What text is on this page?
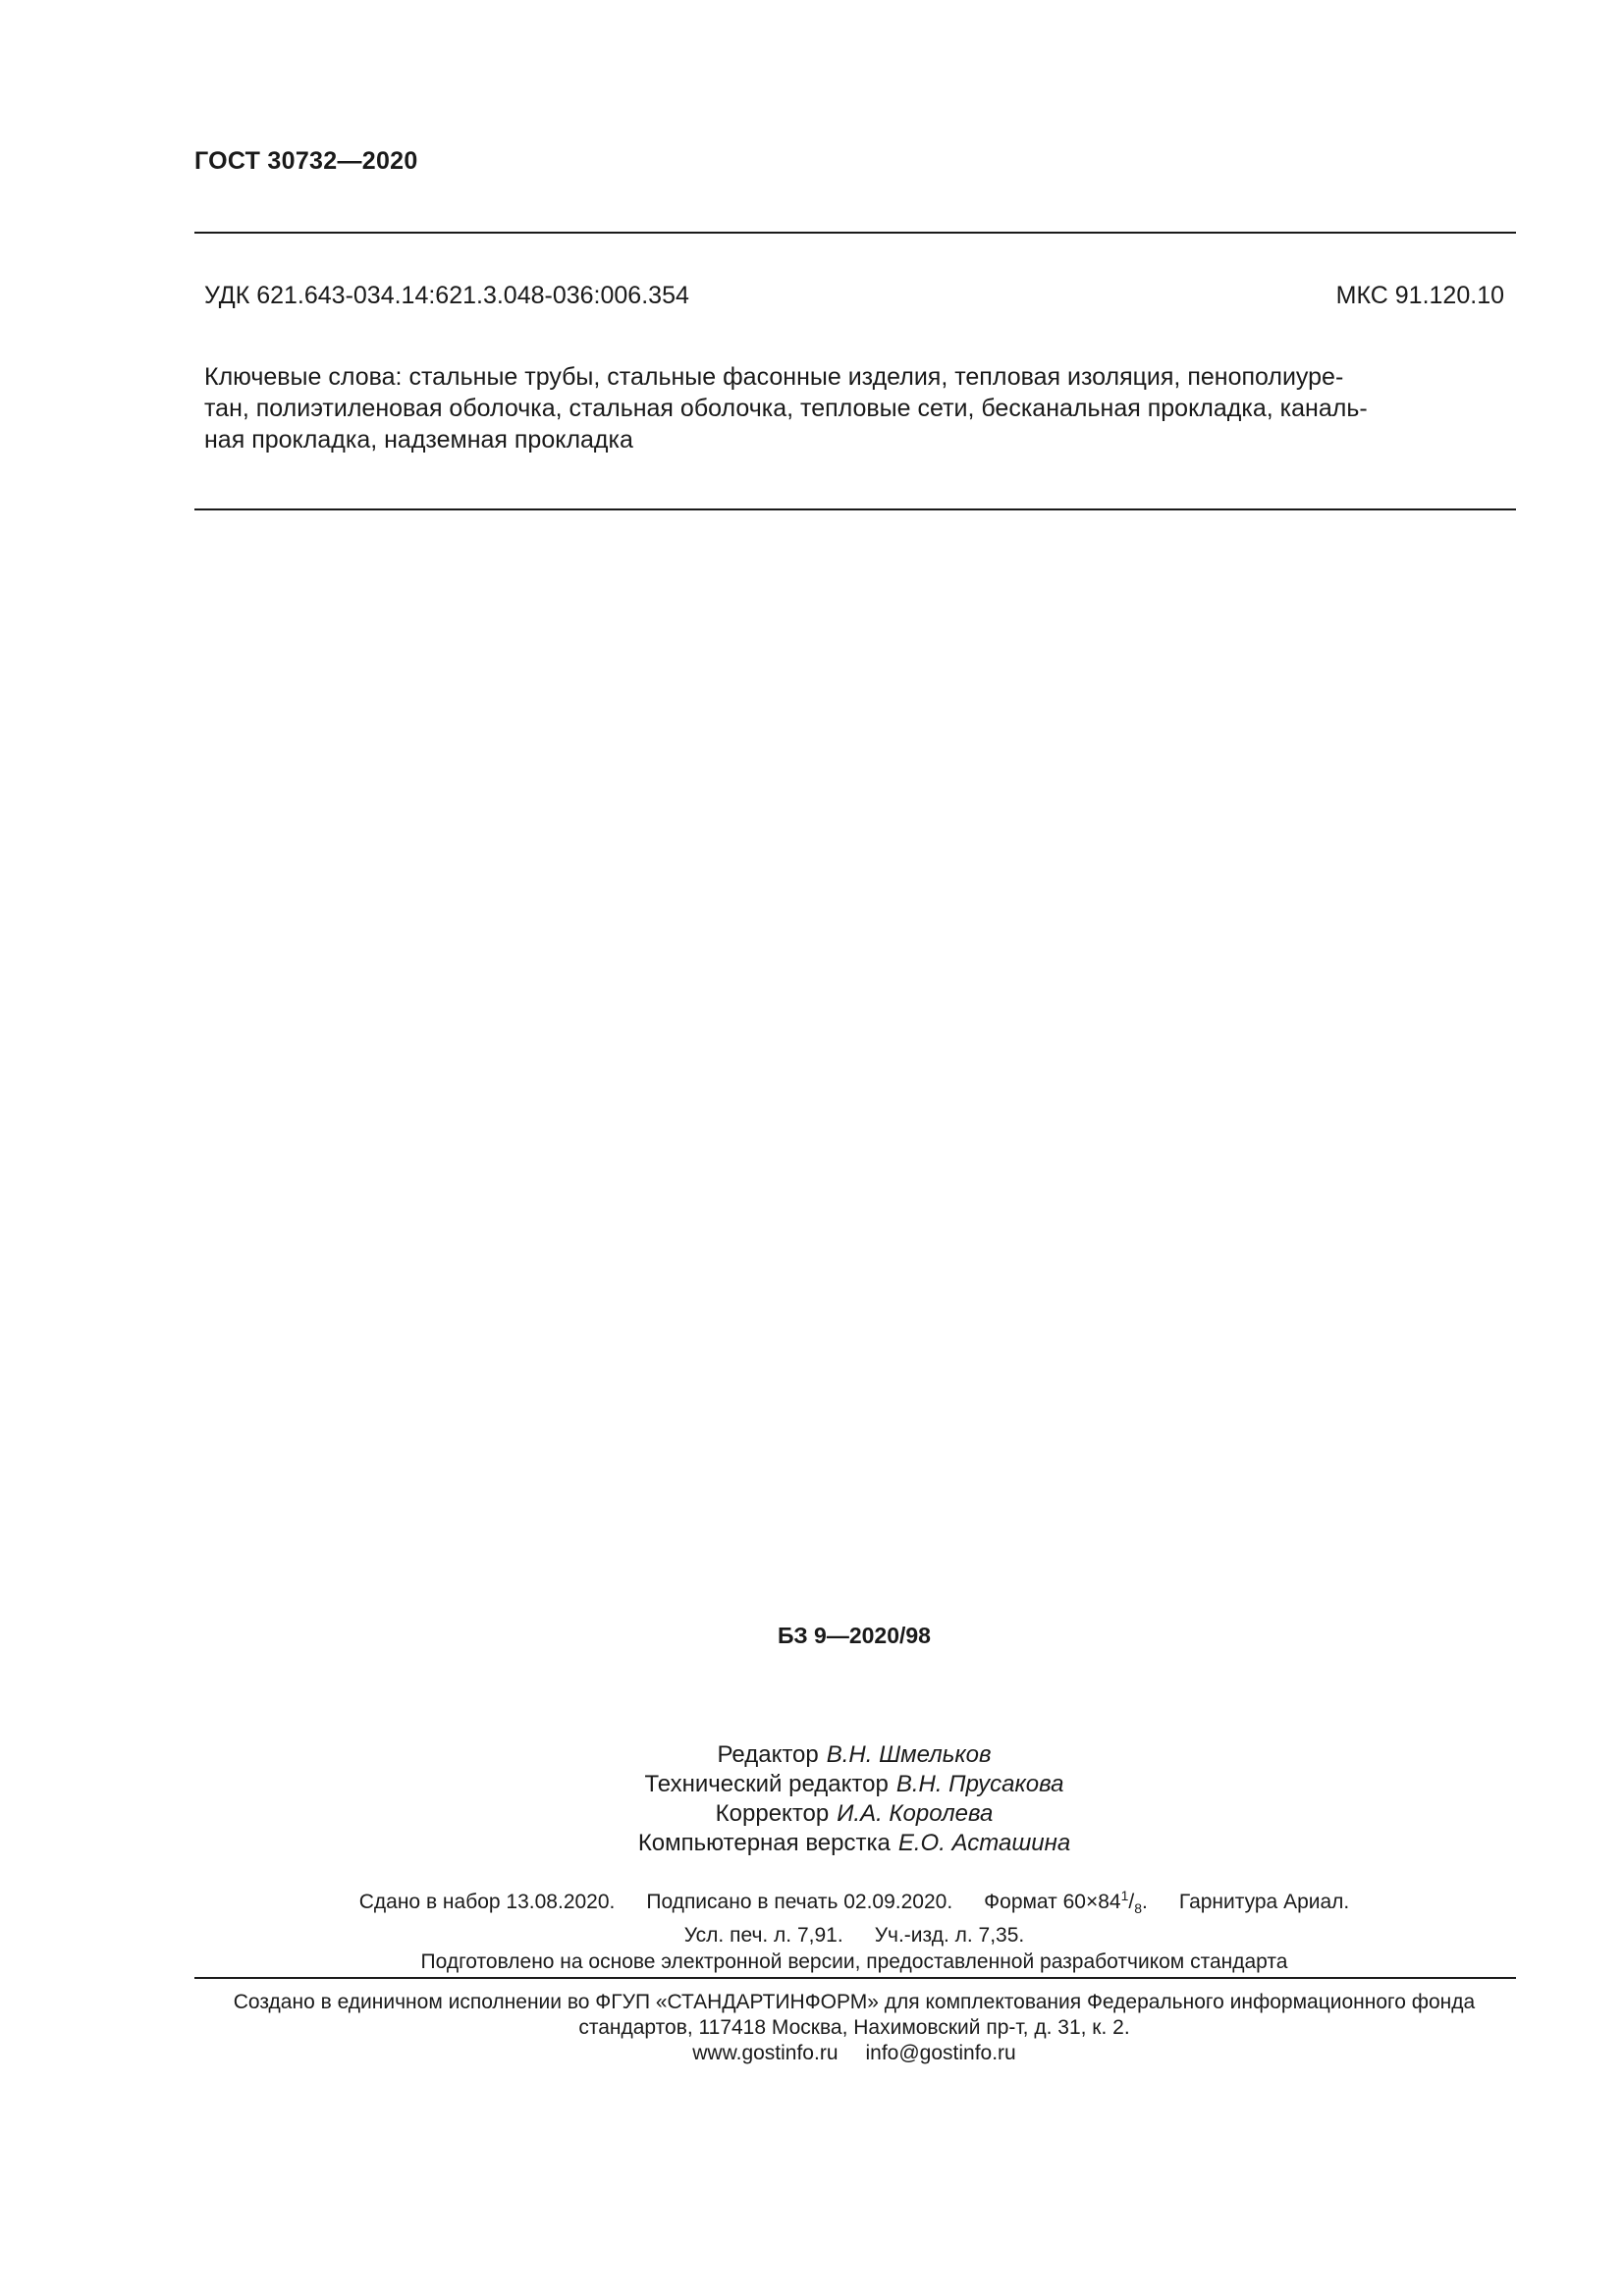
ГОСТ 30732—2020
УДК 621.643-034.14:621.3.048-036:006.354	МКС 91.120.10
Ключевые слова: стальные трубы, стальные фасонные изделия, тепловая изоляция, пенополиуре-
тан, полиэтиленовая оболочка, стальная оболочка, тепловые сети, бесканальная прокладка, каналь-
ная прокладка, надземная прокладка
БЗ 9—2020/98
Редактор В.Н. Шмельков
Технический редактор В.Н. Прусакова
Корректор И.А. Королева
Компьютерная верстка Е.О. Асташина
Сдано в набор 13.08.2020. Подписано в печать 02.09.2020. Формат $60\times 84^1/_8$. Гарнитура Ариал.
Усл. печ. л. 7,91. Уч.-изд. л. 7,35.
Подготовлено на основе электронной версии, предоставленной разработчиком стандарта
Создано в единичном исполнении во ФГУП «СТАНДАРТИНФОРМ» для комплектования Федерального информационного фонда
стандартов, 117418 Москва, Нахимовский пр-т, д. 31, к. 2.
www.gostinfo.ru info@gostinfo.ru
